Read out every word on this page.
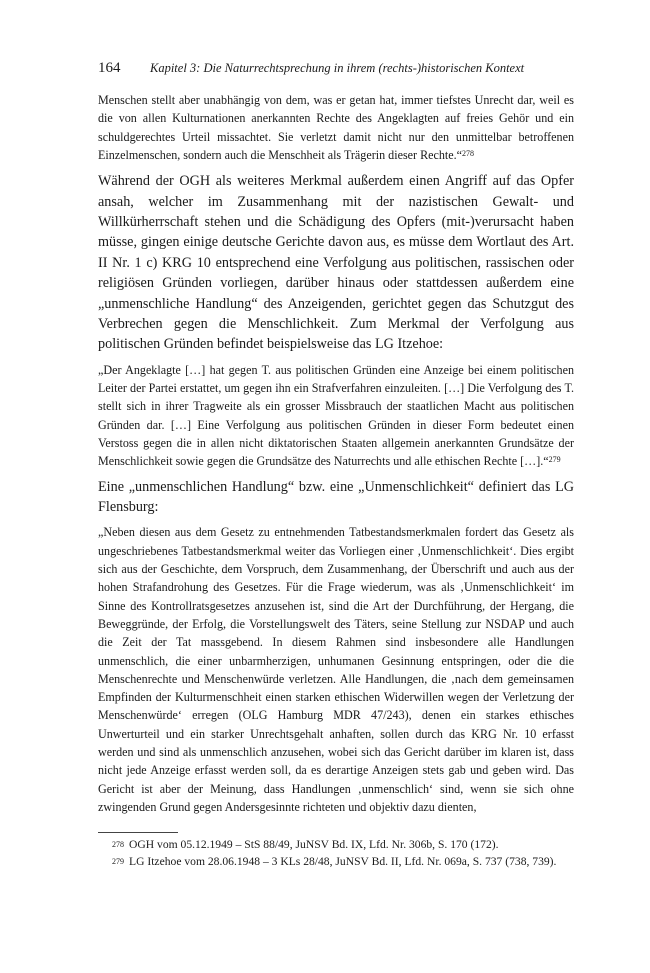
164	Kapitel 3: Die Naturrechtsprechung in ihrem (rechts-)historischen Kontext

Menschen stellt aber unabhängig von dem, was er getan hat, immer tiefstes Unrecht dar, weil es die von allen Kulturnationen anerkannten Rechte des Angeklagten auf freies Gehör und ein schuldgerechtes Urteil missachtet. Sie verletzt damit nicht nur den unmittelbar betroffenen Einzelmenschen, sondern auch die Menschheit als Trägerin dieser Rechte.“$^{278}$

Während der OGH als weiteres Merkmal außerdem einen Angriff auf das Opfer ansah, welcher im Zusammenhang mit der nazistischen Gewalt- und Willkürherrschaft stehen und die Schädigung des Opfers (mit-)verursacht haben müsse, gingen einige deutsche Gerichte davon aus, es müsse dem Wortlaut des Art. II Nr. 1 c) KRG 10 entsprechend eine Verfolgung aus politischen, rassischen oder religiösen Gründen vorliegen, darüber hinaus oder stattdessen außerdem eine „unmenschliche Handlung“ des Anzeigenden, gerichtet gegen das Schutzgut des Verbrechen gegen die Menschlichkeit. Zum Merkmal der Verfolgung aus politischen Gründen befindet beispielsweise das LG Itzehoe:

„Der Angeklagte […] hat gegen T. aus politischen Gründen eine Anzeige bei einem politischen Leiter der Partei erstattet, um gegen ihn ein Strafverfahren einzuleiten. […] Die Verfolgung des T. stellt sich in ihrer Tragweite als ein grosser Missbrauch der staatlichen Macht aus politischen Gründen dar. […] Eine Verfolgung aus politischen Gründen in dieser Form bedeutet einen Verstoss gegen die in allen nicht diktatorischen Staaten allgemein anerkannten Grundsätze der Menschlichkeit sowie gegen die Grundsätze des Naturrechts und alle ethischen Rechte […].“$^{279}$

Eine „unmenschlichen Handlung“ bzw. eine „Unmenschlichkeit“ definiert das LG Flensburg:

„Neben diesen aus dem Gesetz zu entnehmenden Tatbestandsmerkmalen fordert das Gesetz als ungeschriebenes Tatbestandsmerkmal weiter das Vorliegen einer ‚Unmenschlichkeit‘. Dies ergibt sich aus der Geschichte, dem Vorspruch, dem Zusammenhang, der Überschrift und auch aus der hohen Strafandrohung des Gesetzes. Für die Frage wiederum, was als ‚Unmenschlichkeit‘ im Sinne des Kontrollratsgesetzes anzusehen ist, sind die Art der Durchführung, der Hergang, die Beweggründe, der Erfolg, die Vorstellungswelt des Täters, seine Stellung zur NSDAP und auch die Zeit der Tat massgebend. In diesem Rahmen sind insbesondere alle Handlungen unmenschlich, die einer unbarmherzigen, unhumanen Gesinnung entspringen, oder die die Menschenrechte und Menschenwürde verletzen. Alle Handlungen, die ‚nach dem gemeinsamen Empfinden der Kulturmenschheit einen starken ethischen Widerwillen wegen der Verletzung der Menschenwürde‘ erregen (OLG Hamburg MDR 47/243), denen ein starkes ethisches Unwerturteil und ein starker Unrechtsgehalt anhaften, sollen durch das KRG Nr. 10 erfasst werden und sind als unmenschlich anzusehen, wobei sich das Gericht darüber im klaren ist, dass nicht jede Anzeige erfasst werden soll, da es derartige Anzeigen stets gab und geben wird. Das Gericht ist aber der Meinung, dass Handlungen ‚unmenschlich‘ sind, wenn sie sich ohne zwingenden Grund gegen Andersgesinnte richteten und objektiv dazu dienten,

$^{278}$ OGH vom 05.12.1949 – StS 88/49, JuNSV Bd. IX, Lfd. Nr. 306b, S. 170 (172).

$^{279}$ LG Itzehoe vom 28.06.1948 – 3 KLs 28/48, JuNSV Bd. II, Lfd. Nr. 069a, S. 737 (738, 739).
